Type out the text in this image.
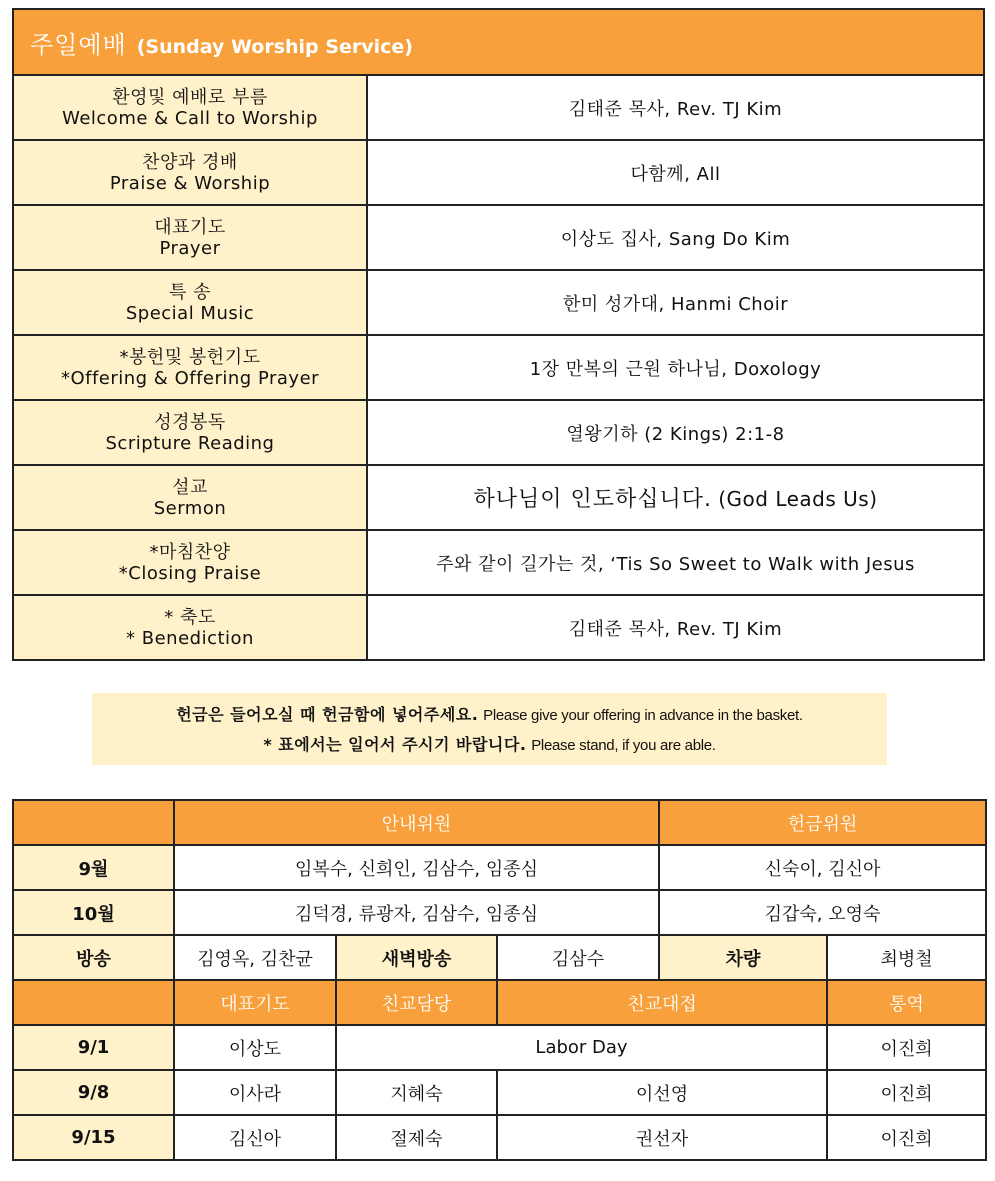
주일예배 (Sunday Worship Service)	

환영및 예배로 부름
Welcome & Call to Worship	김태준 목사, Rev. TJ Kim

찬양과 경배
Praise & Worship	다함께, All

대표기도
Prayer	이상도 집사, Sang Do Kim

특 송
Special Music	한미 성가대, Hanmi Choir

*봉헌및 봉헌기도
*Offering & Offering Prayer	1장 만복의 근원 하나님, Doxology

성경봉독
Scripture Reading	열왕기하 (2 Kings) 2:1-8

설교
Sermon	하나님이 인도하십니다. (God Leads Us)

*마침찬양
*Closing Praise	주와 같이 길가는 것, ‘Tis So Sweet to Walk with Jesus

* 축도
* Benediction	김태준 목사, Rev. TJ Kim
헌금은 들어오실 때 헌금함에 넣어주세요. Please give your offering in advance in the basket.
* 표에서는 일어서 주시기 바랍니다. Please stand, if you are able.
	안내위원			헌금위원	
9월	임복수, 신희인, 김삼수, 임종심			신숙이, 김신아	
10월	김덕경, 류광자, 김삼수, 임종심			김갑숙, 오영숙	
방송	김영옥, 김찬균	새벽방송	김삼수	차량	최병철
	대표기도	친교담당	친교대접		통역
9/1	이상도	Labor Day			이진희
9/8	이사라	지혜숙	이선영		이진희
9/15	김신아	절제숙	권선자		이진희
